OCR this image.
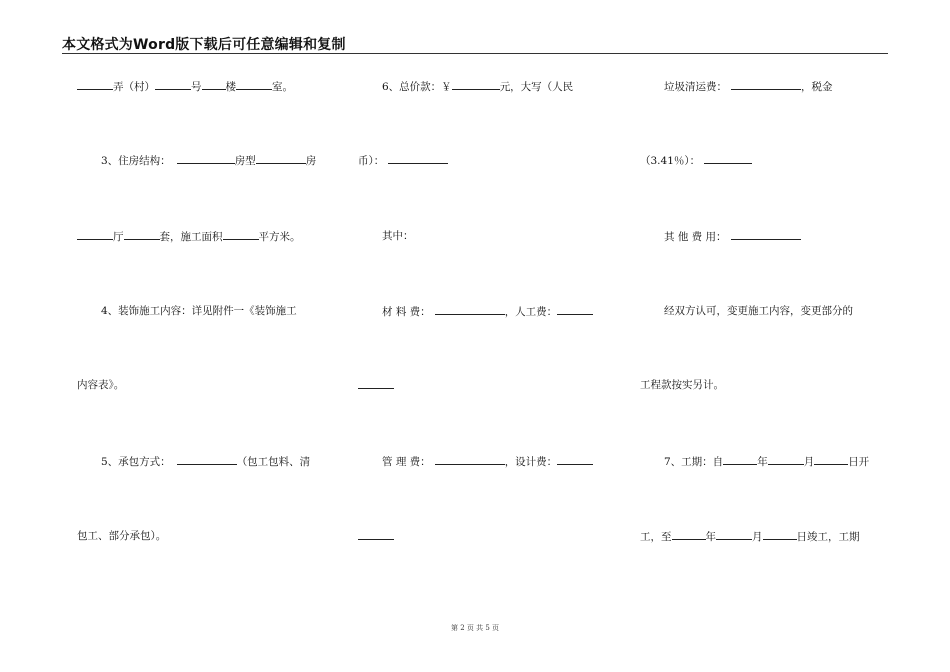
本文格式为Word版下载后可任意编辑和复制
弄（村）	号 楼	室。
3、住房结构：	房型	房
厅	套，施工面积	平方米。
4、装饰施工内容：详见附件一《装饰施工
内容表》。
5、承包方式：	（包工包料、清
包工、部分承包）。
6、总价款：￥	元，大写（人民
币）：
其中：
材 料 费：	，人工费：
管 理 费：	，设计费：
垃圾清运费：	，税金
（3.41％）：
其 他 费 用：
经双方认可，变更施工内容，变更部分的
工程款按实另计。
7、工期：自	年	月	日开
工，至	年	月	日竣工，工期
第 2 页 共 5 页
